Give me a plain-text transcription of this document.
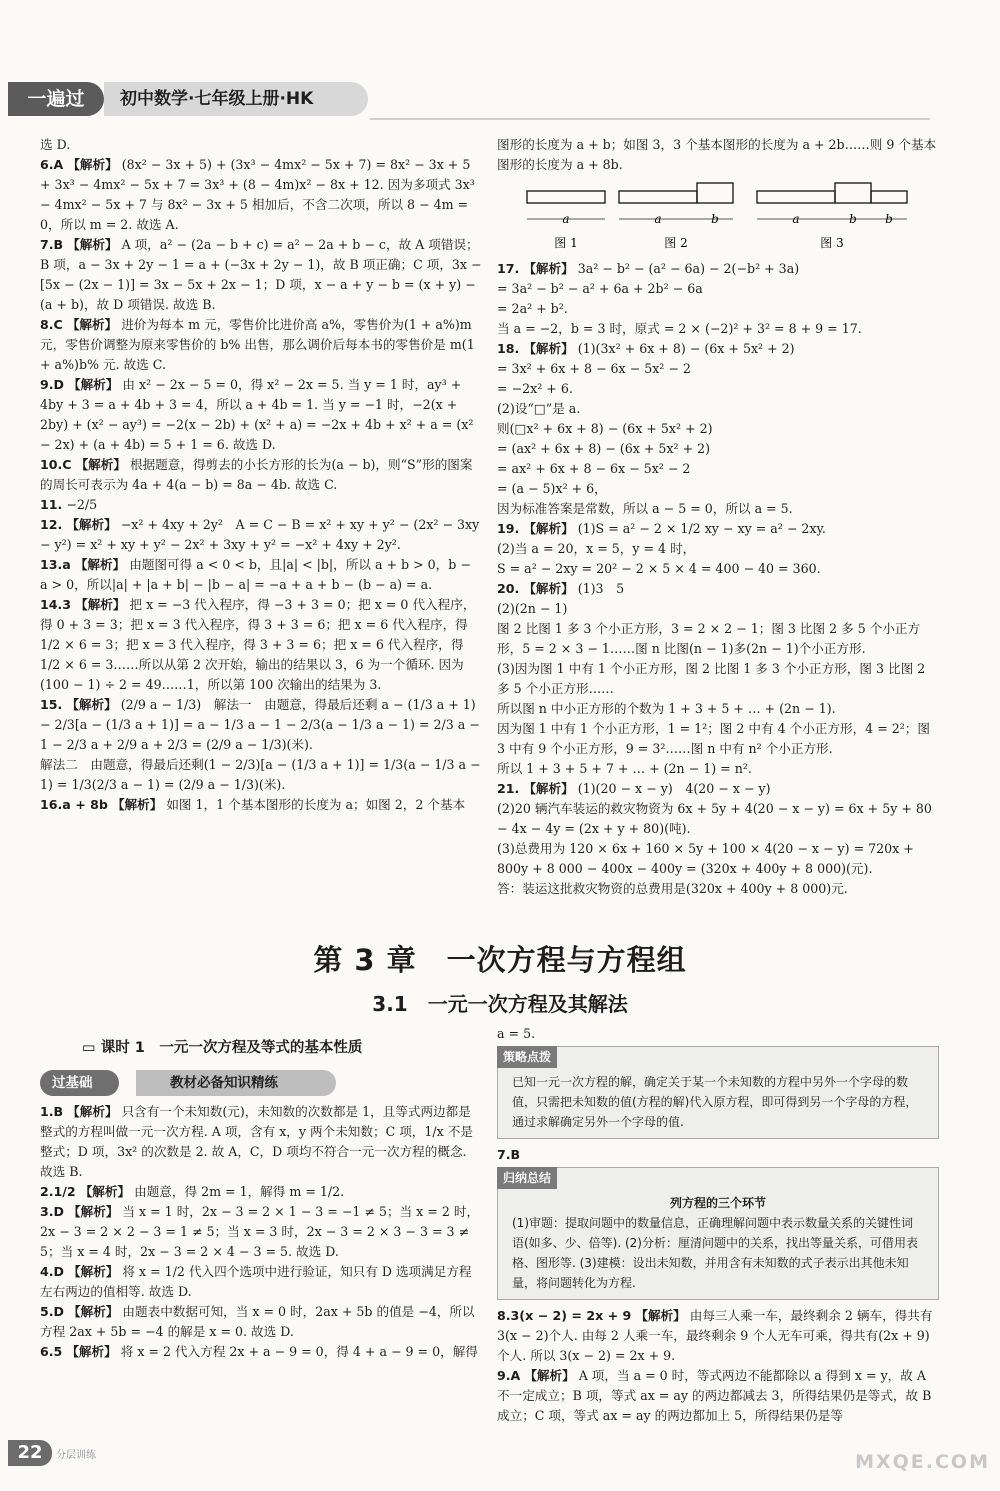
一遍过	初中数学·七年级上册·HK

选 D.

6.A 【解析】 (8x² − 3x + 5) + (3x³ − 4mx² − 5x + 7) = 8x² − 3x + 5 + 3x³ − 4mx² − 5x + 7 = 3x³ + (8 − 4m)x² − 8x + 12. 因为多项式 3x³ − 4mx² − 5x + 7 与 8x² − 3x + 5 相加后，不含二次项，所以 8 − 4m = 0，所以 m = 2. 故选 A.

7.B 【解析】 A 项，a² − (2a − b + c) = a² − 2a + b − c，故 A 项错误；B 项，a − 3x + 2y − 1 = a + (−3x + 2y − 1)，故 B 项正确；C 项，3x − [5x − (2x − 1)] = 3x − 5x + 2x − 1；D 项，x − a + y − b = (x + y) − (a + b)，故 D 项错误. 故选 B.

8.C 【解析】 进价为每本 m 元，零售价比进价高 a%，零售价为(1 + a%)m 元，零售价调整为原来零售价的 b% 出售，那么调价后每本书的零售价是 m(1 + a%)b% 元. 故选 C.

9.D 【解析】 由 x² − 2x − 5 = 0，得 x² − 2x = 5. 当 y = 1 时，ay³ + 4by + 3 = a + 4b + 3 = 4，所以 a + 4b = 1. 当 y = −1 时，−2(x + 2by) + (x² − ay³) = −2(x − 2b) + (x² + a) = −2x + 4b + x² + a = (x² − 2x) + (a + 4b) = 5 + 1 = 6. 故选 D.

10.C 【解析】 根据题意，得剪去的小长方形的长为(a − b)，则“S”形的图案的周长可表示为 4a + 4(a − b) = 8a − 4b. 故选 C.

11. −2/5

12. 【解析】 −x² + 4xy + 2y²　A = C − B = x² + xy + y² − (2x² − 3xy − y²) = x² + xy + y² − 2x² + 3xy + y² = −x² + 4xy + 2y².

13.a 【解析】 由题图可得 a < 0 < b，且|a| < |b|，所以 a + b > 0，b − a > 0，所以|a| + |a + b| − |b − a| = −a + a + b − (b − a) = a.

14.3 【解析】 把 x = −3 代入程序，得 −3 + 3 = 0；把 x = 0 代入程序，得 0 + 3 = 3；把 x = 3 代入程序，得 3 + 3 = 6；把 x = 6 代入程序，得 1/2 × 6 = 3；把 x = 3 代入程序，得 3 + 3 = 6；把 x = 6 代入程序，得 1/2 × 6 = 3……所以从第 2 次开始，输出的结果以 3，6 为一个循环. 因为(100 − 1) ÷ 2 = 49……1，所以第 100 次输出的结果为 3.

15. 【解析】 (2/9 a − 1/3)　解法一　由题意，得最后还剩 a − (1/3 a + 1) − 2/3[a − (1/3 a + 1)] = a − 1/3 a − 1 − 2/3(a − 1/3 a − 1) = 2/3 a − 1 − 2/3 a + 2/9 a + 2/3 = (2/9 a − 1/3)(米).

解法二　由题意，得最后还剩(1 − 2/3)[a − (1/3 a + 1)] = 1/3(a − 1/3 a − 1) = 1/3(2/3 a − 1) = (2/9 a − 1/3)(米).

16.a + 8b 【解析】 如图 1，1 个基本图形的长度为 a；如图 2，2 个基本

图形的长度为 a + b；如图 3，3 个基本图形的长度为 a + 2b……则 9 个基本图形的长度为 a + 8b.

a
图 1
a	b
图 2
a	b b
图 3

17. 【解析】 3a² − b² − (a² − 6a) − 2(−b² + 3a)

= 3a² − b² − a² + 6a + 2b² − 6a

= 2a² + b².

当 a = −2，b = 3 时，原式 = 2 × (−2)² + 3² = 8 + 9 = 17.

18. 【解析】 (1)(3x² + 6x + 8) − (6x + 5x² + 2)

= 3x² + 6x + 8 − 6x − 5x² − 2

= −2x² + 6.

(2)设“□”是 a.

则(□x² + 6x + 8) − (6x + 5x² + 2)

= (ax² + 6x + 8) − (6x + 5x² + 2)

= ax² + 6x + 8 − 6x − 5x² − 2

= (a − 5)x² + 6，

因为标准答案是常数，所以 a − 5 = 0，所以 a = 5.

19. 【解析】 (1)S = a² − 2 × 1/2 xy − xy = a² − 2xy.

(2)当 a = 20，x = 5，y = 4 时，

S = a² − 2xy = 20² − 2 × 5 × 4 = 400 − 40 = 360.

20. 【解析】 (1)3　5

(2)(2n − 1)

图 2 比图 1 多 3 个小正方形，3 = 2 × 2 − 1；图 3 比图 2 多 5 个小正方形，5 = 2 × 3 − 1……图 n 比图(n − 1)多(2n − 1)个小正方形.

(3)因为图 1 中有 1 个小正方形，图 2 比图 1 多 3 个小正方形，图 3 比图 2 多 5 个小正方形……

所以图 n 中小正方形的个数为 1 + 3 + 5 + … + (2n − 1).

因为图 1 中有 1 个小正方形，1 = 1²；图 2 中有 4 个小正方形，4 = 2²；图 3 中有 9 个小正方形，9 = 3²……图 n 中有 n² 个小正方形.

所以 1 + 3 + 5 + 7 + … + (2n − 1) = n².

21. 【解析】 (1)(20 − x − y)　4(20 − x − y)

(2)20 辆汽车装运的救灾物资为 6x + 5y + 4(20 − x − y) = 6x + 5y + 80 − 4x − 4y = (2x + y + 80)(吨).

(3)总费用为 120 × 6x + 160 × 5y + 100 × 4(20 − x − y) = 720x + 800y + 8 000 − 400x − 400y = (320x + 400y + 8 000)(元).

答：装运这批救灾物资的总费用是(320x + 400y + 8 000)元.

第 3 章　一次方程与方程组
3.1　一元一次方程及其解法

▭ 课时 1　一元一次方程及等式的基本性质

教材必备知识精练
过基础

1.B 【解析】 只含有一个未知数(元)，未知数的次数都是 1，且等式两边都是整式的方程叫做一元一次方程. A 项，含有 x，y 两个未知数；C 项，1/x 不是整式；D 项，3x² 的次数是 2. 故 A，C，D 项均不符合一元一次方程的概念. 故选 B.

2.1/2 【解析】 由题意，得 2m = 1，解得 m = 1/2.

3.D 【解析】 当 x = 1 时，2x − 3 = 2 × 1 − 3 = −1 ≠ 5；当 x = 2 时，2x − 3 = 2 × 2 − 3 = 1 ≠ 5；当 x = 3 时，2x − 3 = 2 × 3 − 3 = 3 ≠ 5；当 x = 4 时，2x − 3 = 2 × 4 − 3 = 5. 故选 D.

4.D 【解析】 将 x = 1/2 代入四个选项中进行验证，知只有 D 选项满足方程左右两边的值相等. 故选 D.

5.D 【解析】 由题表中数据可知，当 x = 0 时，2ax + 5b 的值是 −4，所以方程 2ax + 5b = −4 的解是 x = 0. 故选 D.

6.5 【解析】 将 x = 2 代入方程 2x + a − 9 = 0，得 4 + a − 9 = 0，解得

a = 5.

策略点拨
已知一元一次方程的解，确定关于某一个未知数的方程中另外一个字母的数值，只需把未知数的值(方程的解)代入原方程，即可得到另一个字母的方程，通过求解确定另外一个字母的值.

7.B

归纳总结
列方程的三个环节
(1)审题：提取问题中的数量信息，正确理解问题中表示数量关系的关键性词语(如多、少、倍等). (2)分析：厘清问题中的关系，找出等量关系，可借用表格、图形等. (3)建模：设出未知数，并用含有未知数的式子表示出其他未知量，将问题转化为方程.

8.3(x − 2) = 2x + 9 【解析】 由每三人乘一车，最终剩余 2 辆车，得共有 3(x − 2)个人. 由每 2 人乘一车，最终剩余 9 个人无车可乘，得共有(2x + 9)个人. 所以 3(x − 2) = 2x + 9.

9.A 【解析】 A 项，当 a = 0 时，等式两边不能都除以 a 得到 x = y，故 A 不一定成立；B 项，等式 ax = ay 的两边都减去 3，所得结果仍是等式，故 B 成立；C 项，等式 ax = ay 的两边都加上 5，所得结果仍是等

22	分层训练	MXQE.COM
